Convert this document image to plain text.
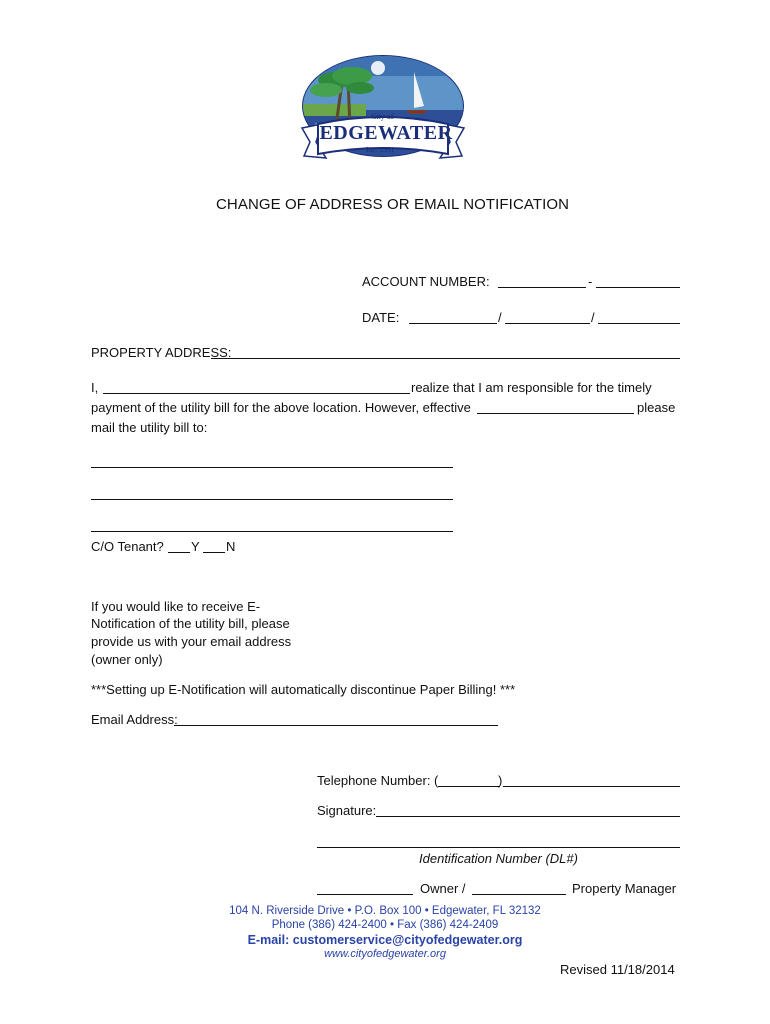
City of
EDGEWATER
Inc. 1951
CHANGE OF ADDRESS OR EMAIL NOTIFICATION
ACCOUNT NUMBER:	-
DATE:	/	/
PROPERTY ADDRESS:
I,	realize that I am responsible for the timely
payment of the utility bill for the above location. However, effective	please
mail the utility bill to:
C/O Tenant? Y N
If you would like to receive E-
Notification of the utility bill, please
provide us with your email address
(owner only)
***Setting up E-Notification will automatically discontinue Paper Billing! ***
Email Address:
Telephone Number: (	)
Signature:
Identification Number (DL#)
Owner /	Property Manager
104 N. Riverside Drive • P.O. Box 100 • Edgewater, FL 32132
Phone (386) 424-2400 • Fax (386) 424-2409
E-mail: customerservice@cityofedgewater.org
www.cityofedgewater.org
Revised 11/18/2014
